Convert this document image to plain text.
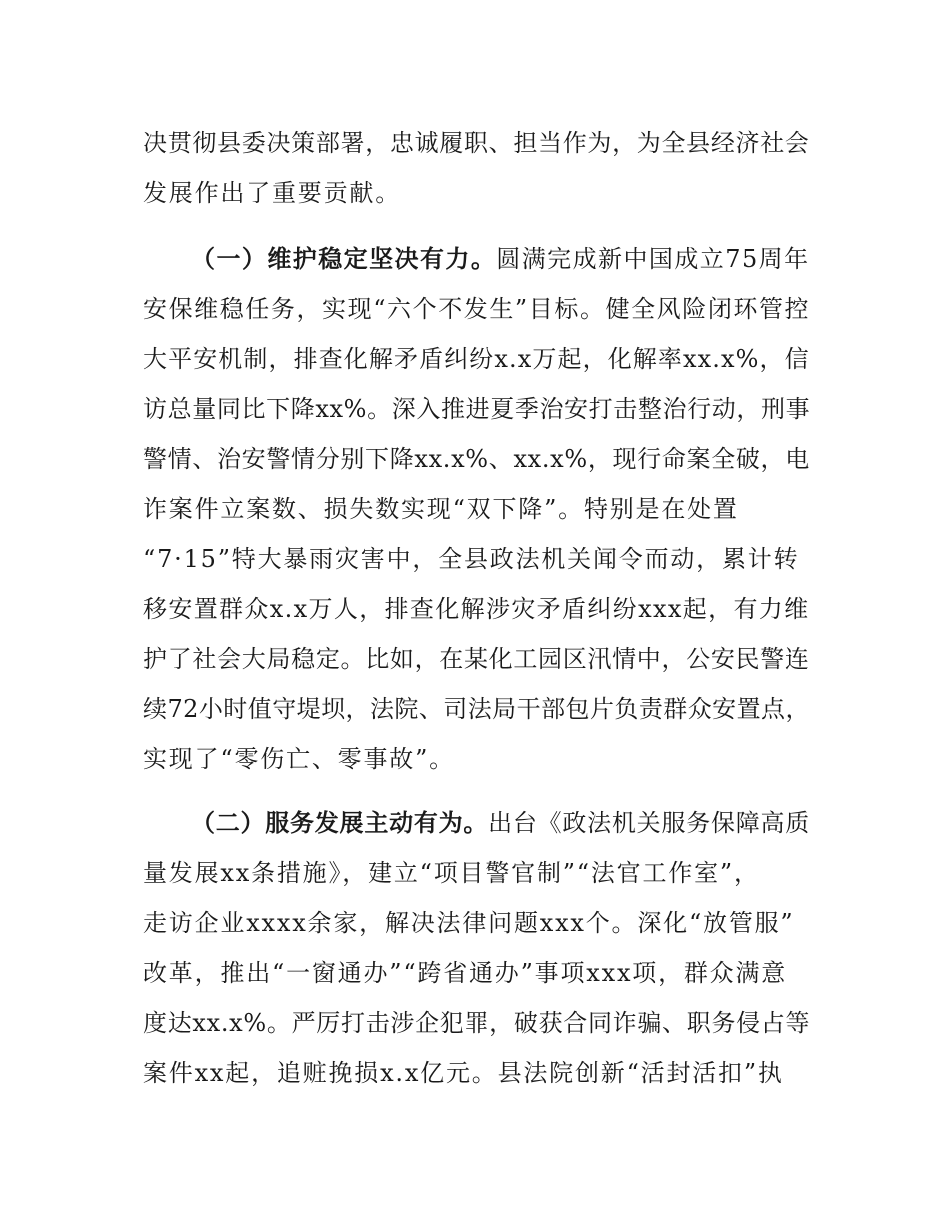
决贯彻县委决策部署，忠诚履职、担当作为，为全县经济社会
发展作出了重要贡献。
（一）维护稳定坚决有力。圆满完成新中国成立75周年
安保维稳任务，实现“六个不发生”目标。健全风险闭环管控
大平安机制，排查化解矛盾纠纷x.x万起，化解率xx.x%，信
访总量同比下降xx%。深入推进夏季治安打击整治行动，刑事
警情、治安警情分别下降xx.x%、xx.x%，现行命案全破，电
诈案件立案数、损失数实现“双下降”。特别是在处置
“7·15”特大暴雨灾害中，全县政法机关闻令而动，累计转
移安置群众x.x万人，排查化解涉灾矛盾纠纷xxx起，有力维
护了社会大局稳定。比如，在某化工园区汛情中，公安民警连
续72小时值守堤坝，法院、司法局干部包片负责群众安置点，
实现了“零伤亡、零事故”。
（二）服务发展主动有为。出台《政法机关服务保障高质
量发展xx条措施》，建立“项目警官制”“法官工作室”，
走访企业xxxx余家，解决法律问题xxx个。深化“放管服”
改革，推出“一窗通办”“跨省通办”事项xxx项，群众满意
度达xx.x%。严厉打击涉企犯罪，破获合同诈骗、职务侵占等
案件xx起，追赃挽损x.x亿元。县法院创新“活封活扣”执
